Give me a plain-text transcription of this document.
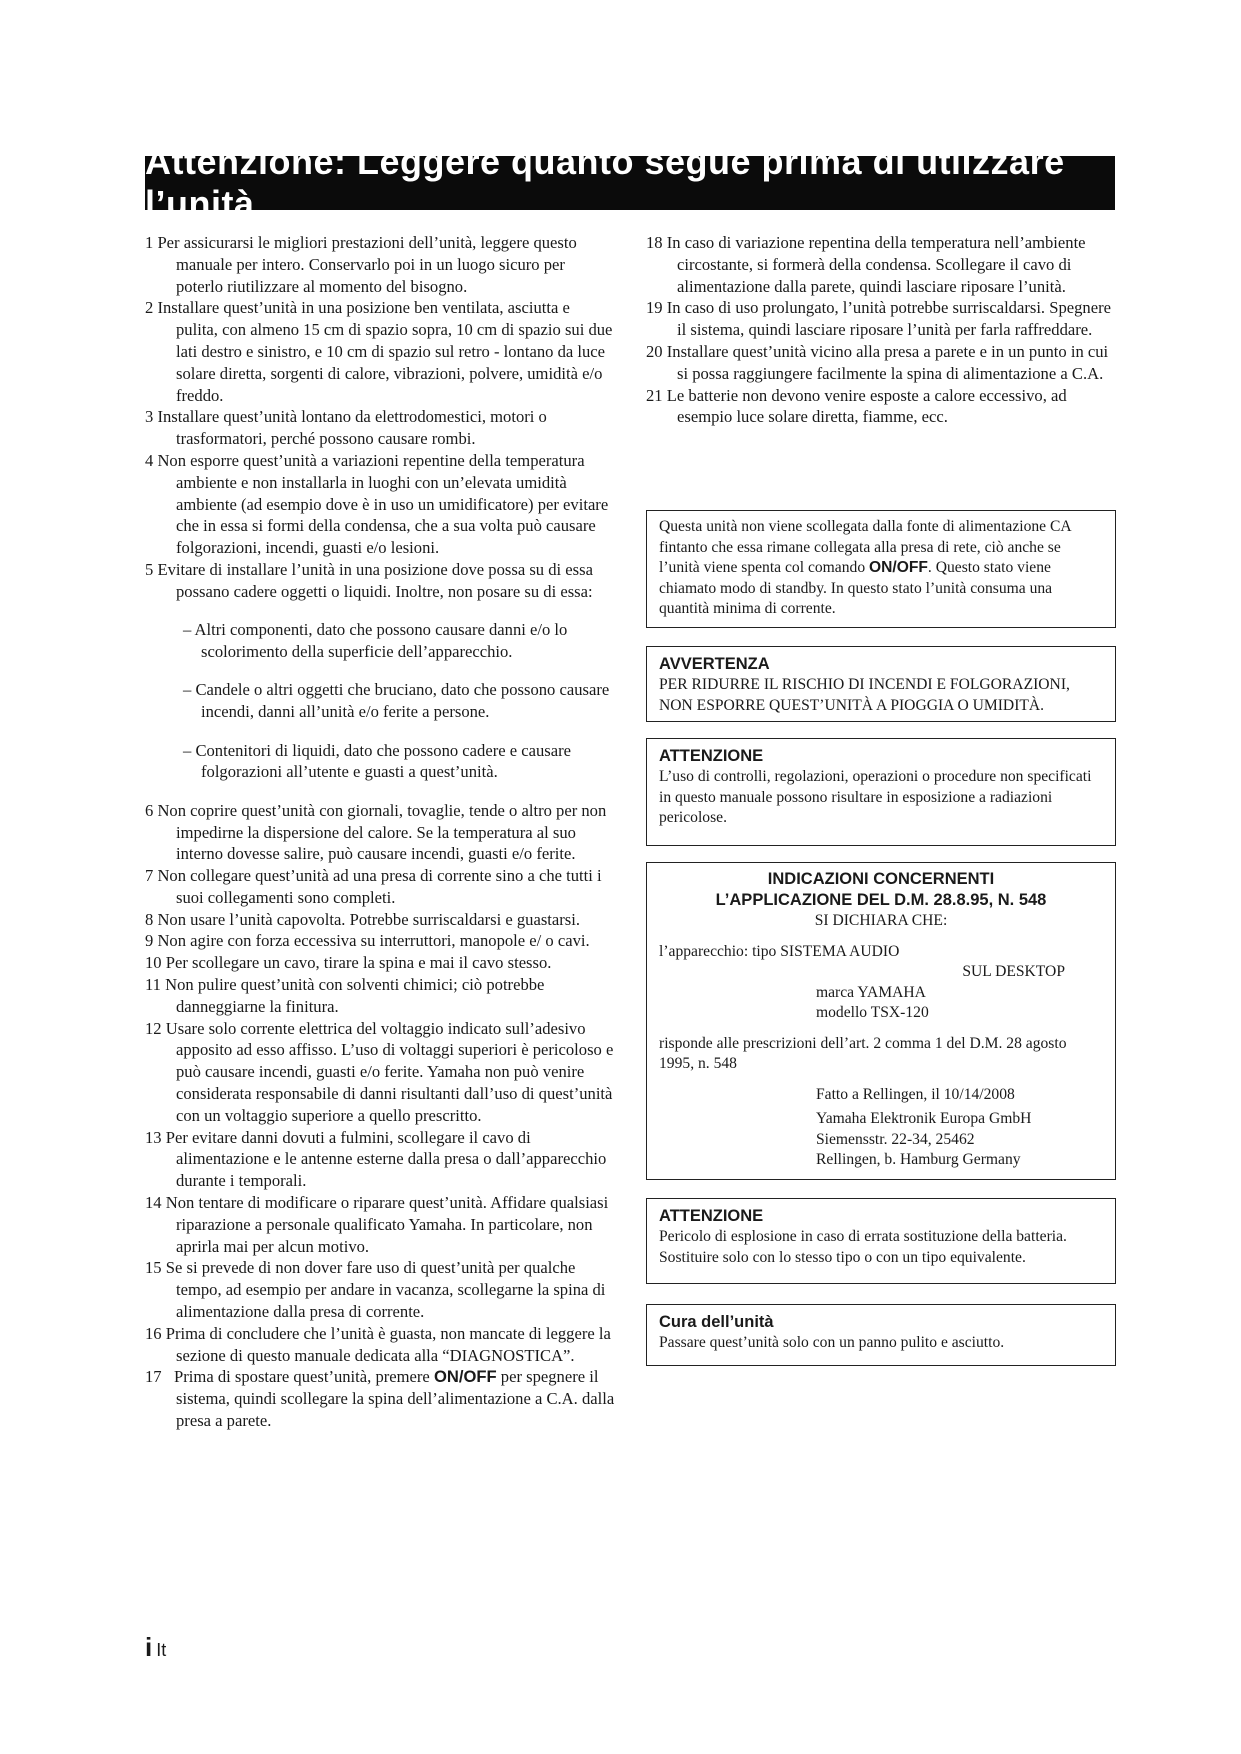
Attenzione: Leggere quanto segue prima di utilzzare l’unità.

1 Per assicurarsi le migliori prestazioni dell’unità, leggere questo manuale per intero. Conservarlo poi in un luogo sicuro per poterlo riutilizzare al momento del bisogno.

2 Installare quest’unità in una posizione ben ventilata, asciutta e pulita, con almeno 15 cm di spazio sopra, 10 cm di spazio sui due lati destro e sinistro, e 10 cm di spazio sul retro - lontano da luce solare diretta, sorgenti di calore, vibrazioni, polvere, umidità e/o freddo.

3 Installare quest’unità lontano da elettrodomestici, motori o trasformatori, perché possono causare rombi.

4 Non esporre quest’unità a variazioni repentine della temperatura ambiente e non installarla in luoghi con un’elevata umidità ambiente (ad esempio dove è in uso un umidificatore) per evitare che in essa si formi della condensa, che a sua volta può causare folgorazioni, incendi, guasti e/o lesioni.

5 Evitare di installare l’unità in una posizione dove possa su di essa possano cadere oggetti o liquidi. Inoltre, non posare su di essa:

– Altri componenti, dato che possono causare danni e/o lo scolorimento della superficie dell’apparecchio.

– Candele o altri oggetti che bruciano, dato che possono causare incendi, danni all’unità e/o ferite a persone.

– Contenitori di liquidi, dato che possono cadere e causare folgorazioni all’utente e guasti a quest’unità.

6 Non coprire quest’unità con giornali, tovaglie, tende o altro per non impedirne la dispersione del calore. Se la temperatura al suo interno dovesse salire, può causare incendi, guasti e/o ferite.

7 Non collegare quest’unità ad una presa di corrente sino a che tutti i suoi collegamenti sono completi.

8 Non usare l’unità capovolta. Potrebbe surriscaldarsi e guastarsi.

9 Non agire con forza eccessiva su interruttori, manopole e/ o cavi.

10 Per scollegare un cavo, tirare la spina e mai il cavo stesso.

11 Non pulire quest’unità con solventi chimici; ciò potrebbe danneggiarne la finitura.

12 Usare solo corrente elettrica del voltaggio indicato sull’adesivo apposito ad esso affisso. L’uso di voltaggi superiori è pericoloso e può causare incendi, guasti e/o ferite. Yamaha non può venire considerata responsabile di danni risultanti dall’uso di quest’unità con un voltaggio superiore a quello prescritto.

13 Per evitare danni dovuti a fulmini, scollegare il cavo di alimentazione e le antenne esterne dalla presa o dall’apparecchio durante i temporali.

14 Non tentare di modificare o riparare quest’unità. Affidare qualsiasi riparazione a personale qualificato Yamaha. In particolare, non aprirla mai per alcun motivo.

15 Se si prevede di non dover fare uso di quest’unità per qualche tempo, ad esempio per andare in vacanza, scollegarne la spina di alimentazione dalla presa di corrente.

16 Prima di concludere che l’unità è guasta, non mancate di leggere la sezione di questo manuale dedicata alla “DIAGNOSTICA”.

17 Prima di spostare quest’unità, premere ON/OFF per spegnere il sistema, quindi scollegare la spina dell’alimentazione a C.A. dalla presa a parete.

18 In caso di variazione repentina della temperatura nell’ambiente circostante, si formerà della condensa. Scollegare il cavo di alimentazione dalla parete, quindi lasciare riposare l’unità.

19 In caso di uso prolungato, l’unità potrebbe surriscaldarsi. Spegnere il sistema, quindi lasciare riposare l’unità per farla raffreddare.

20 Installare quest’unità vicino alla presa a parete e in un punto in cui si possa raggiungere facilmente la spina di alimentazione a C.A.

21 Le batterie non devono venire esposte a calore eccessivo, ad esempio luce solare diretta, fiamme, ecc.

Questa unità non viene scollegata dalla fonte di alimentazione CA fintanto che essa rimane collegata alla presa di rete, ciò anche se l’unità viene spenta col comando ON/OFF. Questo stato viene chiamato modo di standby. In questo stato l’unità consuma una quantità minima di corrente.

AVVERTENZA

PER RIDURRE IL RISCHIO DI INCENDI E FOLGORAZIONI, NON ESPORRE QUEST’UNITÀ A PIOGGIA O UMIDITÀ.

ATTENZIONE

L’uso di controlli, regolazioni, operazioni o procedure non specificati in questo manuale possono risultare in esposizione a radiazioni pericolose.

INDICAZIONI CONCERNENTI

L’APPLICAZIONE DEL D.M. 28.8.95, N. 548

SI DICHIARA CHE:

l’apparecchio: tipo SISTEMA AUDIO

SUL DESKTOP

marca YAMAHA

modello TSX-120

risponde alle prescrizioni dell’art. 2 comma 1 del D.M. 28 agosto 1995, n. 548

Fatto a Rellingen, il 10/14/2008

Yamaha Elektronik Europa GmbH

Siemensstr. 22-34, 25462

Rellingen, b. Hamburg Germany

ATTENZIONE

Pericolo di esplosione in caso di errata sostituzione della batteria. Sostituire solo con lo stesso tipo o con un tipo equivalente.

Cura dell’unità

Passare quest’unità solo con un panno pulito e asciutto.

i It
